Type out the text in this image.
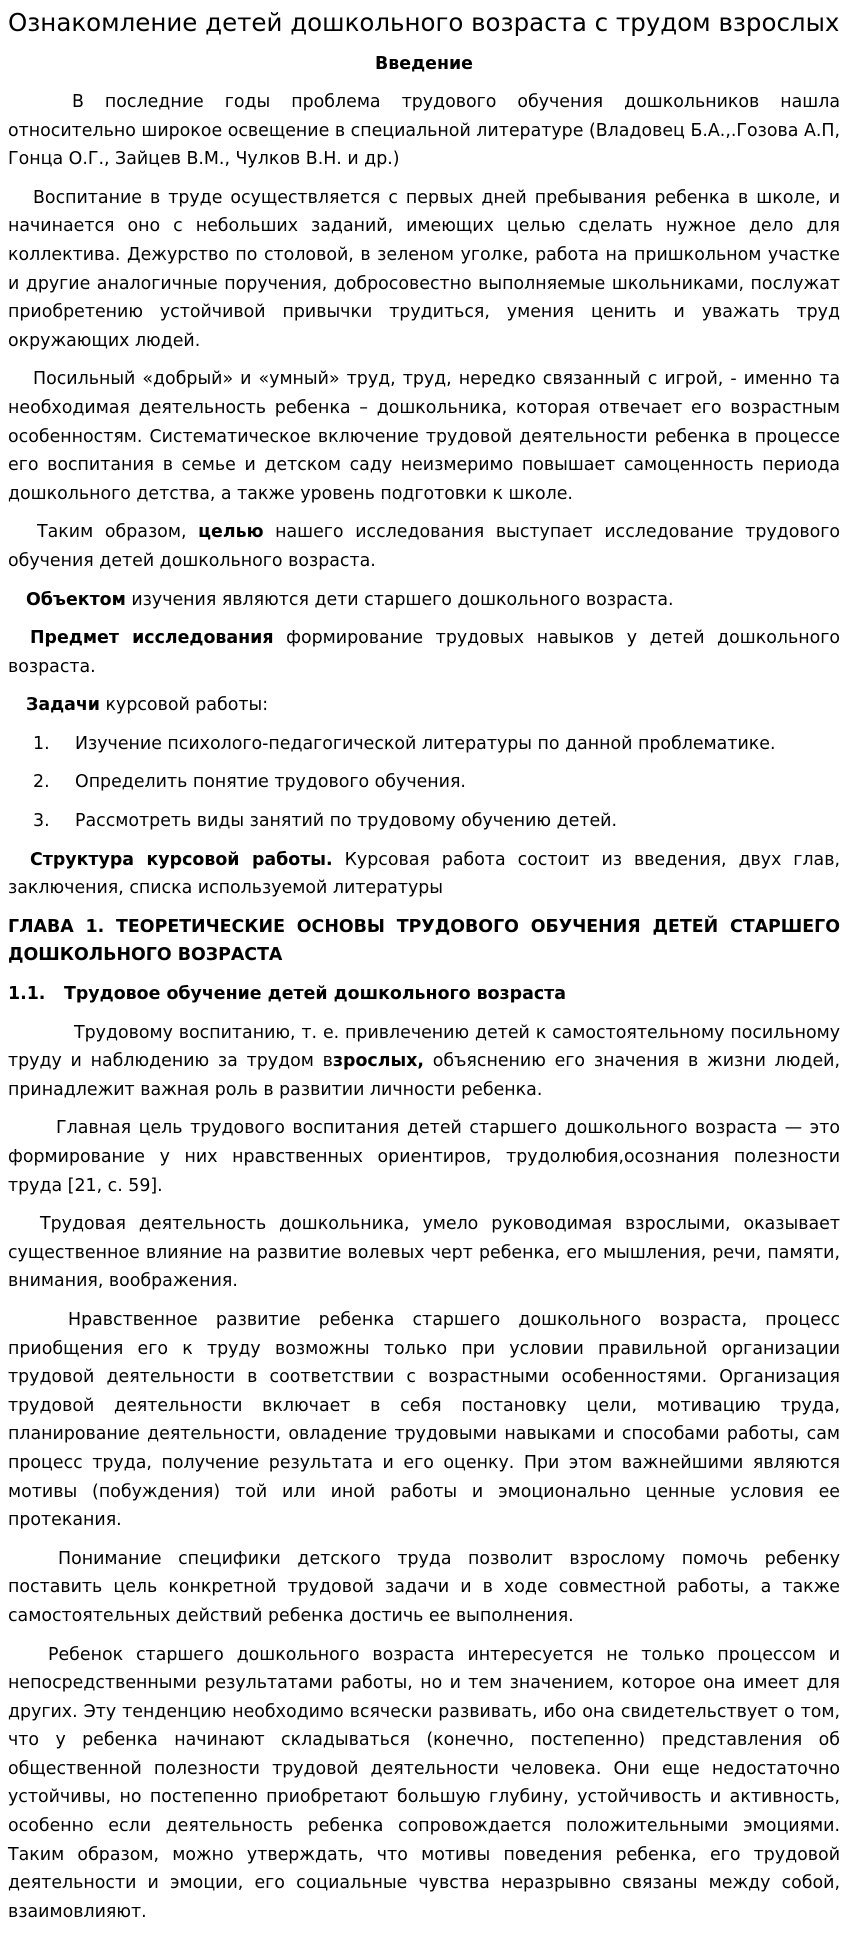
Ознакомление детей дошкольного возраста с трудом взрослых
Введение

В последние годы проблема трудового обучения дошкольников нашла относительно широкое освещение в специальной литературе (Владовец Б.А.,.Гозова А.П, Гонца О.Г., Зайцев В.М., Чулков В.Н. и др.)

Воспитание в труде осуществляется с первых дней пребывания ребенка в школе, и начинается оно с небольших заданий, имеющих целью сделать нужное дело для коллектива. Дежурство по столовой, в зеленом уголке, работа на пришкольном участке и другие аналогичные поручения, добросовестно выполняемые школьниками, послужат приобретению устойчивой привычки трудиться, умения ценить и уважать труд окружающих людей.

Посильный «добрый» и «умный» труд, труд, нередко связанный с игрой, - именно та необходимая деятельность ребенка – дошкольника, которая отвечает его возрастным особенностям. Систематическое включение трудовой деятельности ребенка в процессе его воспитания в семье и детском саду неизмеримо повышает самоценность периода дошкольного детства, а также уровень подготовки к школе.

Таким образом, целью нашего исследования выступает исследование трудового обучения детей дошкольного возраста.

Объектом изучения являются дети старшего дошкольного возраста.

Предмет исследования формирование трудовых навыков у детей дошкольного возраста.

Задачи курсовой работы:

1.	Изучение психолого-педагогической литературы по данной проблематике.
2.	Определить понятие трудового обучения.
3.	Рассмотреть виды занятий по трудовому обучению детей.

Структура курсовой работы. Курсовая работа состоит из введения, двух глав, заключения, списка используемой литературы

ГЛАВА 1. ТЕОРЕТИЧЕСКИЕ ОСНОВЫ ТРУДОВОГО ОБУЧЕНИЯ ДЕТЕЙ СТАРШЕГО ДОШКОЛЬНОГО ВОЗРАСТА
1.1. Трудовое обучение детей дошкольного возраста

Трудовому воспитанию, т. е. привлечению детей к самостоятельному посильному труду и наблюдению за трудом взрослых, объяснению его значения в жизни людей, принадлежит важная роль в развитии личности ребенка.

Главная цель трудового воспитания детей старшего дошкольного возраста — это формирование у них нравственных ориентиров, трудолюбия,осознания полезности труда [21, с. 59].

Трудовая деятельность дошкольника, умело руководимая взрослыми, оказывает существенное влияние на развитие волевых черт ребенка, его мышления, речи, памяти, внимания, воображения.

Нравственное развитие ребенка старшего дошкольного возраста, процесс приобщения его к труду возможны только при условии правильной организации трудовой деятельности в соответствии с возрастными особенностями. Организация трудовой деятельности включает в себя постановку цели, мотивацию труда, планирование деятельности, овладение трудовыми навыками и способами работы, сам процесс труда, получение результата и его оценку. При этом важнейшими являются мотивы (побуждения) той или иной работы и эмоционально ценные условия ее протекания.

Понимание специфики детского труда позволит взрослому помочь ребенку поставить цель конкретной трудовой задачи и в ходе совместной работы, а также самостоятельных действий ребенка достичь ее выполнения.

Ребенок старшего дошкольного возраста интересуется не только процессом и непосредственными результатами работы, но и тем значением, которое она имеет для других. Эту тенденцию необходимо всячески развивать, ибо она свидетельствует о том, что у ребенка начинают складываться (конечно, постепенно) представления об общественной полезности трудовой деятельности человека. Они еще недостаточно устойчивы, но постепенно приобретают большую глубину, устойчивость и активность, особенно если деятельность ребенка сопровождается положительными эмоциями. Таким образом, можно утверждать, что мотивы поведения ребенка, его трудовой деятельности и эмоции, его социальные чувства неразрывно связаны между собой, взаимовлияют.
